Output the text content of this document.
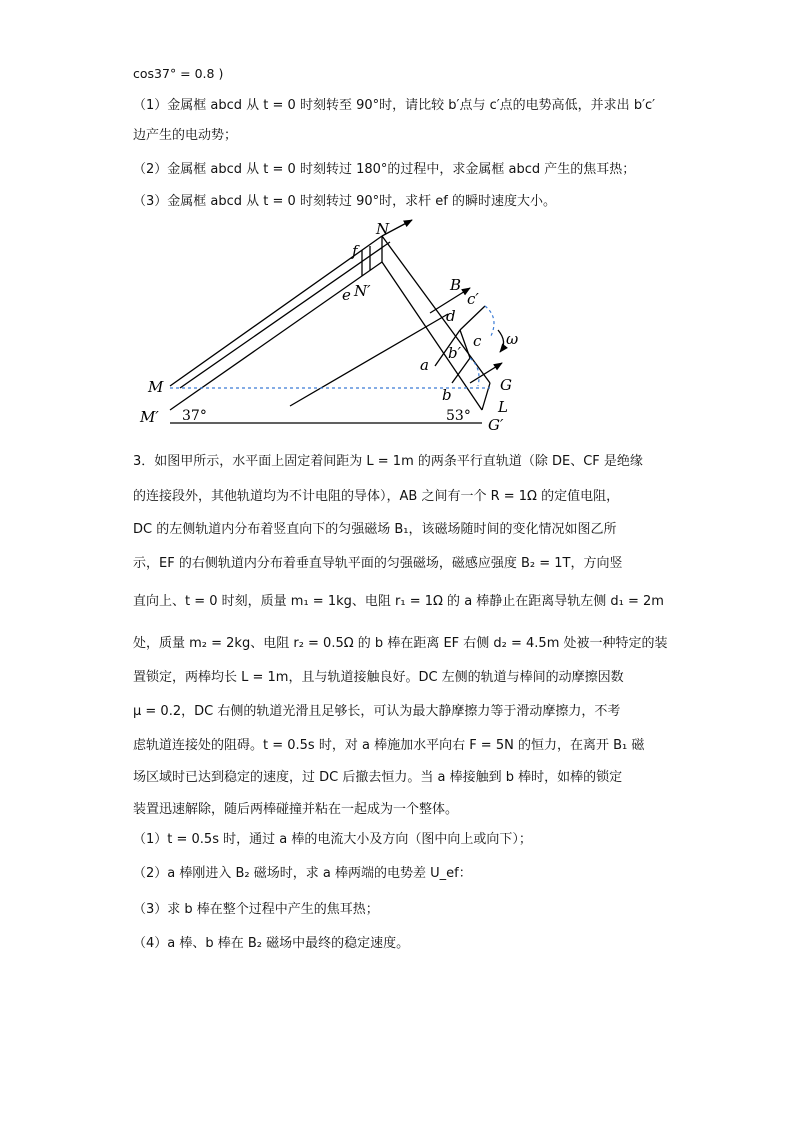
cos37° = 0.8 )
（1）金属框 abcd 从 t = 0 时刻转至 90°时，请比较 b′点与 c′点的电势高低，并求出 b′c′
边产生的电动势；
（2）金属框 abcd 从 t = 0 时刻转过 180°的过程中，求金属框 abcd 产生的焦耳热；
（3）金属框 abcd 从 t = 0 时刻转过 90°时，求杆 ef 的瞬时速度大小。
N
N′
f
e
B
c′
d
c
b′
a
b
ω
M
M′
G
G′
L
37°	53°
3．如图甲所示，水平面上固定着间距为 L = 1m 的两条平行直轨道（除 DE、CF 是绝缘
的连接段外，其他轨道均为不计电阻的导体），AB 之间有一个 R = 1Ω 的定值电阻，
DC 的左侧轨道内分布着竖直向下的匀强磁场 B₁，该磁场随时间的变化情况如图乙所
示，EF 的右侧轨道内分布着垂直导轨平面的匀强磁场，磁感应强度 B₂ = 1T，方向竖
直向上、t = 0 时刻，质量 m₁ = 1kg、电阻 r₁ = 1Ω 的 a 棒静止在距离导轨左侧 d₁ = 2m
处，质量 m₂ = 2kg、电阻 r₂ = 0.5Ω 的 b 棒在距离 EF 右侧 d₂ = 4.5m 处被一种特定的装
置锁定，两棒均长 L = 1m，且与轨道接触良好。DC 左侧的轨道与棒间的动摩擦因数
μ = 0.2，DC 右侧的轨道光滑且足够长，可认为最大静摩擦力等于滑动摩擦力，不考
虑轨道连接处的阻碍。t = 0.5s 时，对 a 棒施加水平向右 F = 5N 的恒力，在离开 B₁ 磁
场区域时已达到稳定的速度，过 DC 后撤去恒力。当 a 棒接触到 b 棒时，如棒的锁定
装置迅速解除，随后两棒碰撞并粘在一起成为一个整体。
（1）t = 0.5s 时，通过 a 棒的电流大小及方向（图中向上或向下）；
（2）a 棒刚进入 B₂ 磁场时，求 a 棒两端的电势差 U_ef：
（3）求 b 棒在整个过程中产生的焦耳热；
（4）a 棒、b 棒在 B₂ 磁场中最终的稳定速度。
